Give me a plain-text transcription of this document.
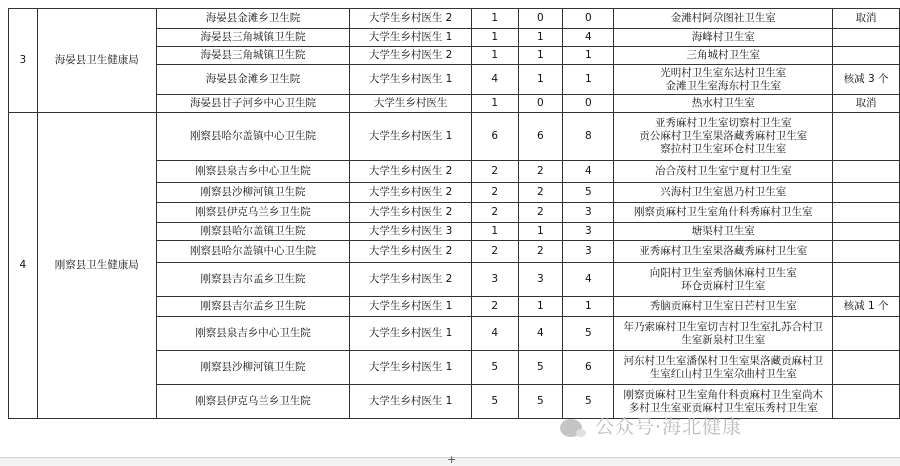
3	海晏县卫生健康局	海晏县金滩乡卫生院	大学生乡村医生 2	1	0	0	金滩村阿尕图社卫生室	取消
		海晏县三角城镇卫生院	大学生乡村医生 1	1	1	4	海峰村卫生室	
		海晏县三角城镇卫生院	大学生乡村医生 2	1	1	1	三角城村卫生室	
		海晏县金滩乡卫生院	大学生乡村医生 1	4	1	1	光明村卫生室东达村卫生室
金滩卫生室海东村卫生室	核减 3 个
		海晏县甘子河乡中心卫生院	大学生乡村医生	1	0	0	热水村卫生室	取消
4	刚察县卫生健康局	刚察县哈尔盖镇中心卫生院	大学生乡村医生 1	6	6	8	亚秀麻村卫生室切察村卫生室
贡公麻村卫生室果洛藏秀麻村卫生室
察拉村卫生室环仓村卫生室	
		刚察县泉吉乡中心卫生院	大学生乡村医生 2	2	2	4	冶合茂村卫生室宁夏村卫生室	
		刚察县沙柳河镇卫生院	大学生乡村医生 2	2	2	5	兴海村卫生室恩乃村卫生室	
		刚察县伊克乌兰乡卫生院	大学生乡村医生 2	2	2	3	刚察贡麻村卫生室角什科秀麻村卫生室	
		刚察县哈尔盖镇卫生院	大学生乡村医生 3	1	1	3	塘渠村卫生室	
		刚察县哈尔盖镇中心卫生院	大学生乡村医生 2	2	2	3	亚秀麻村卫生室果洛藏秀麻村卫生室	
		刚察县吉尔孟乡卫生院	大学生乡村医生 2	3	3	4	向阳村卫生室秀脑休麻村卫生室
环仓贡麻村卫生室	
		刚察县吉尔孟乡卫生院	大学生乡村医生 1	2	1	1	秀脑贡麻村卫生室日芒村卫生室	核减 1 个
		刚察县泉吉乡中心卫生院	大学生乡村医生 1	4	4	5	年乃索麻村卫生室切吉村卫生室扎苏合村卫
生室新泉村卫生室	
		刚察县沙柳河镇卫生院	大学生乡村医生 1	5	5	6	河东村卫生室潘保村卫生室果洛藏贡麻村卫
生室红山村卫生室尕曲村卫生室	
		刚察县伊克乌兰乡卫生院	大学生乡村医生 1	5	5	5	刚察贡麻村卫生室角什科贡麻村卫生室尚木
多村卫生室亚贡麻村卫生室压秀村卫生室	
公众号·海北健康
+
